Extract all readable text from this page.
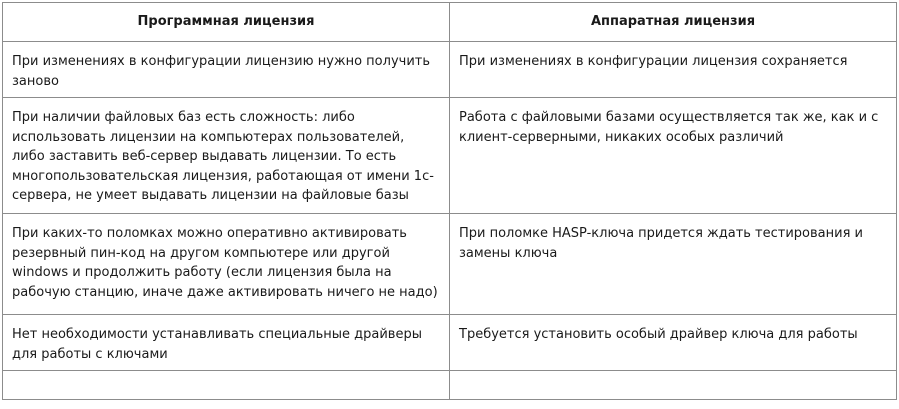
Программная лицензия	Аппаратная лицензия
При изменениях в конфигурации лицензию нужно получить заново	При изменениях в конфигурации лицензия сохраняется
При наличии файловых баз есть сложность: либо использовать лицензии на компьютерах пользователей, либо заставить веб-сервер выдавать лицензии. То есть многопользовательская лицензия, работающая от имени 1с-сервера, не умеет выдавать лицензии на файловые базы	Работа с файловыми базами осуществляется так же, как и с клиент-серверными, никаких особых различий
При каких-то поломках можно оперативно активировать резервный пин-код на другом компьютере или другой windows и продолжить работу (если лицензия была на рабочую станцию, иначе даже активировать ничего не надо)	При поломке HASP-ключа придется ждать тестирования и замены ключа
Нет необходимости устанавливать специальные драйверы для работы с ключами	Требуется установить особый драйвер ключа для работы
